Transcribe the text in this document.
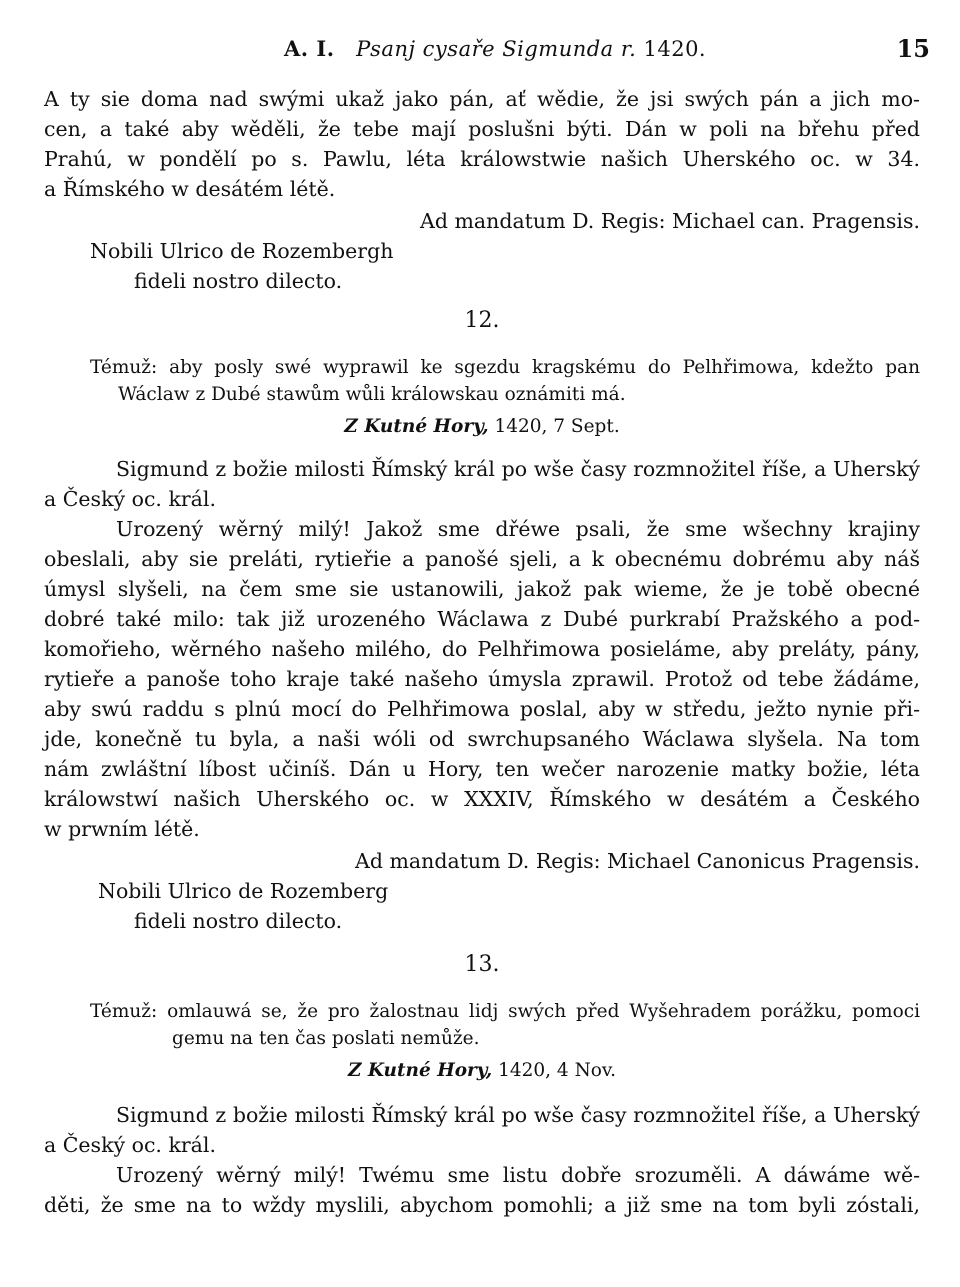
A. I. Psanj cysaře Sigmunda r. 1420.	15
A ty sie doma nad swými ukaž jako pán, ať wědie, že jsi swých pán a jich mo-
cen, a také aby wěděli, že tebe mají poslušni býti. Dán w poli na břehu před
Prahú, w pondělí po s. Pawlu, léta králowstwie našich Uherského oc. w 34.
a Římského w desátém létě.
Ad mandatum D. Regis: Michael can. Pragensis.
Nobili Ulrico de Rozembergh
fideli nostro dilecto.
12.
Témuž: aby posly swé wyprawil ke sgezdu kragskému do Pelhřimowa, kdežto pan
Wáclaw z Dubé stawům wůli králowskau oznámiti má.
Z Kutné Hory, 1420, 7 Sept.
Sigmund z božie milosti Římský král po wše časy rozmnožitel říše, a Uherský
a Český oc. král.
Urozený wěrný milý! Jakož sme dřéwe psali, že sme wšechny krajiny
obeslali, aby sie preláti, rytieřie a panošé sjeli, a k obecnému dobrému aby náš
úmysl slyšeli, na čem sme sie ustanowili, jakož pak wieme, že je tobě obecné
dobré také milo: tak již urozeného Wáclawa z Dubé purkrabí Pražského a pod-
komořieho, wěrného našeho milého, do Pelhřimowa posieláme, aby preláty, pány,
rytieře a panoše toho kraje také našeho úmysla zprawil. Protož od tebe žádáme,
aby swú raddu s plnú mocí do Pelhřimowa poslal, aby w středu, ježto nynie při-
jde, konečně tu byla, a naši wóli od swrchupsaného Wáclawa slyšela. Na tom
nám zwláštní líbost učiníš. Dán u Hory, ten wečer narozenie matky božie, léta
králowstwí našich Uherského oc. w XXXIV, Římského w desátém a Českého
w prwním létě.
Ad mandatum D. Regis: Michael Canonicus Pragensis.
Nobili Ulrico de Rozemberg
fideli nostro dilecto.
13.
Témuž: omlauwá se, že pro žalostnau lidj swých před Wyšehradem porážku, pomoci
gemu na ten čas poslati nemůže.
Z Kutné Hory, 1420, 4 Nov.
Sigmund z božie milosti Římský král po wše časy rozmnožitel říše, a Uherský
a Český oc. král.
Urozený wěrný milý! Twému sme listu dobře srozuměli. A dáwáme wě-
děti, že sme na to wždy myslili, abychom pomohli; a již sme na tom byli zóstali,
